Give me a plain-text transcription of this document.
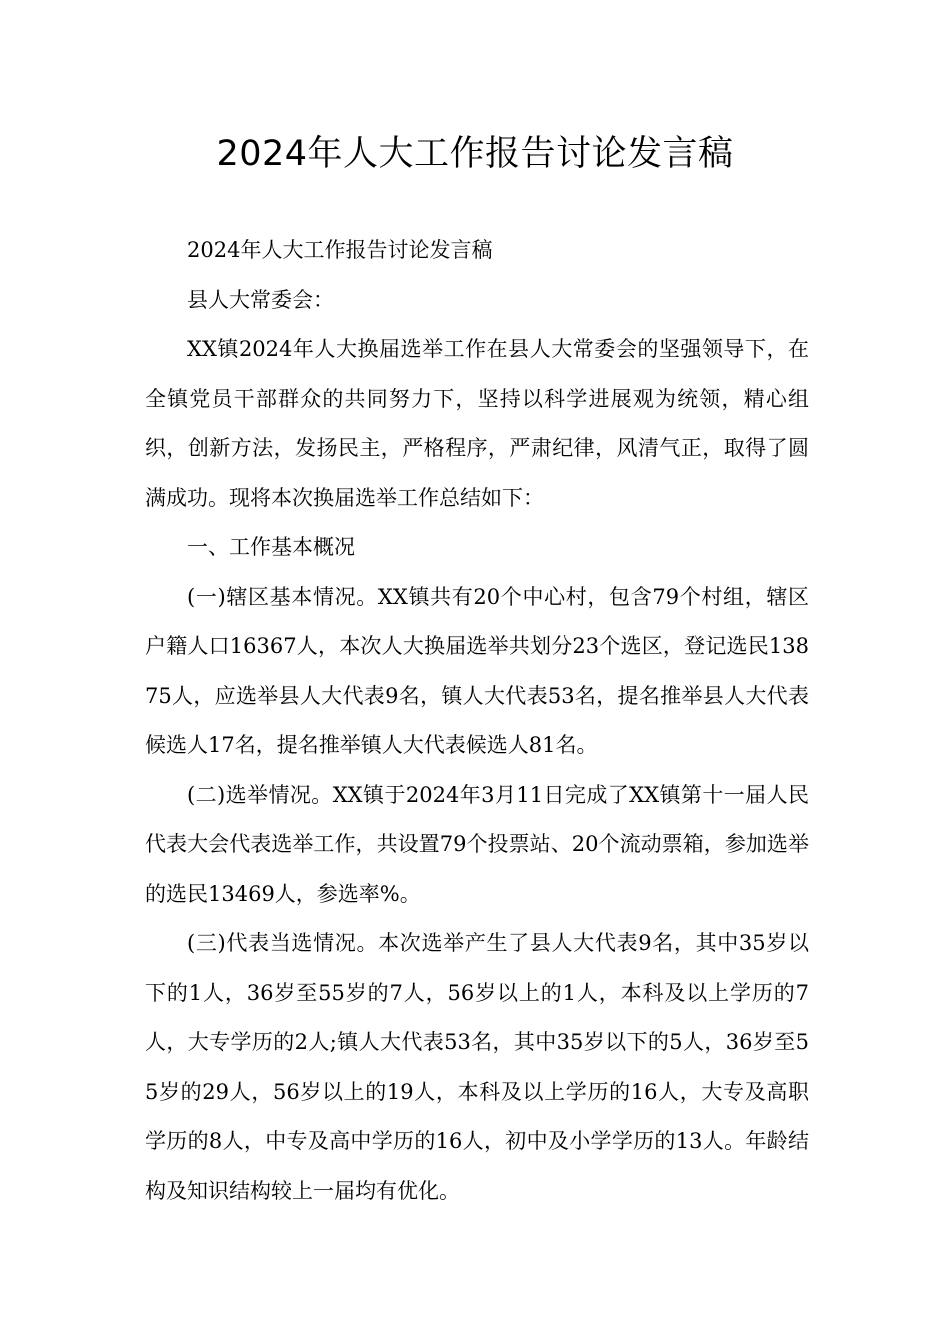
2024年人大工作报告讨论发言稿

2024年人大工作报告讨论发言稿

县人大常委会：

XX镇2024年人大换届选举工作在县人大常委会的坚强领导下，在全镇党员干部群众的共同努力下，坚持以科学进展观为统领，精心组织，创新方法，发扬民主，严格程序，严肃纪律，风清气正，取得了圆满成功。现将本次换届选举工作总结如下：

一、工作基本概况

(一)辖区基本情况。XX镇共有20个中心村，包含79个村组，辖区户籍人口16367人，本次人大换届选举共划分23个选区，登记选民13875人，应选举县人大代表9名，镇人大代表53名，提名推举县人大代表候选人17名，提名推举镇人大代表候选人81名。

(二)选举情况。XX镇于2024年3月11日完成了XX镇第十一届人民代表大会代表选举工作，共设置79个投票站、20个流动票箱，参加选举的选民13469人，参选率%。

(三)代表当选情况。本次选举产生了县人大代表9名，其中35岁以下的1人，36岁至55岁的7人，56岁以上的1人，本科及以上学历的7人，大专学历的2人;镇人大代表53名，其中35岁以下的5人，36岁至55岁的29人，56岁以上的19人，本科及以上学历的16人，大专及高职学历的8人，中专及高中学历的16人，初中及小学学历的13人。年龄结构及知识结构较上一届均有优化。
